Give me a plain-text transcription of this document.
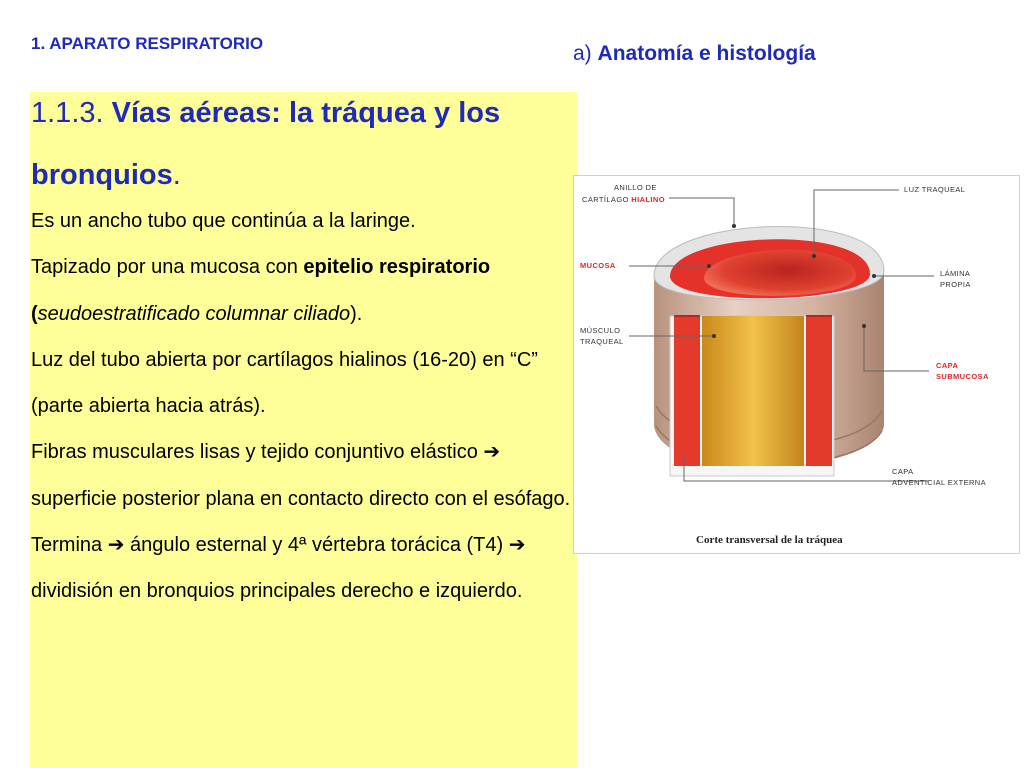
1. APARATO RESPIRATORIO	a) Anatomía e histología
1.1.3. Vías aéreas: la tráquea y los bronquios.
Es un ancho tubo que continúa a la laringe.
Tapizado por una mucosa con epitelio respiratorio (seudoestratificado columnar ciliado).
Luz del tubo abierta por cartílagos hialinos (16-20) en “C” (parte abierta hacia atrás).
Fibras musculares lisas y tejido conjuntivo elástico ➔ superficie posterior plana en contacto directo con el esófago.
Termina ➔ ángulo esternal y 4ª vértebra torácica (T4) ➔ dividisión en bronquios principales derecho e izquierdo.
ANILLO DE
CARTÍLAGO HIALINO
LUZ TRAQUEAL
MUCOSA
LÁMINA
PROPIA
MÚSCULO
TRAQUEAL
CAPA
SUBMUCOSA
CAPA
ADVENTICIAL EXTERNA
Corte transversal de la tráquea
